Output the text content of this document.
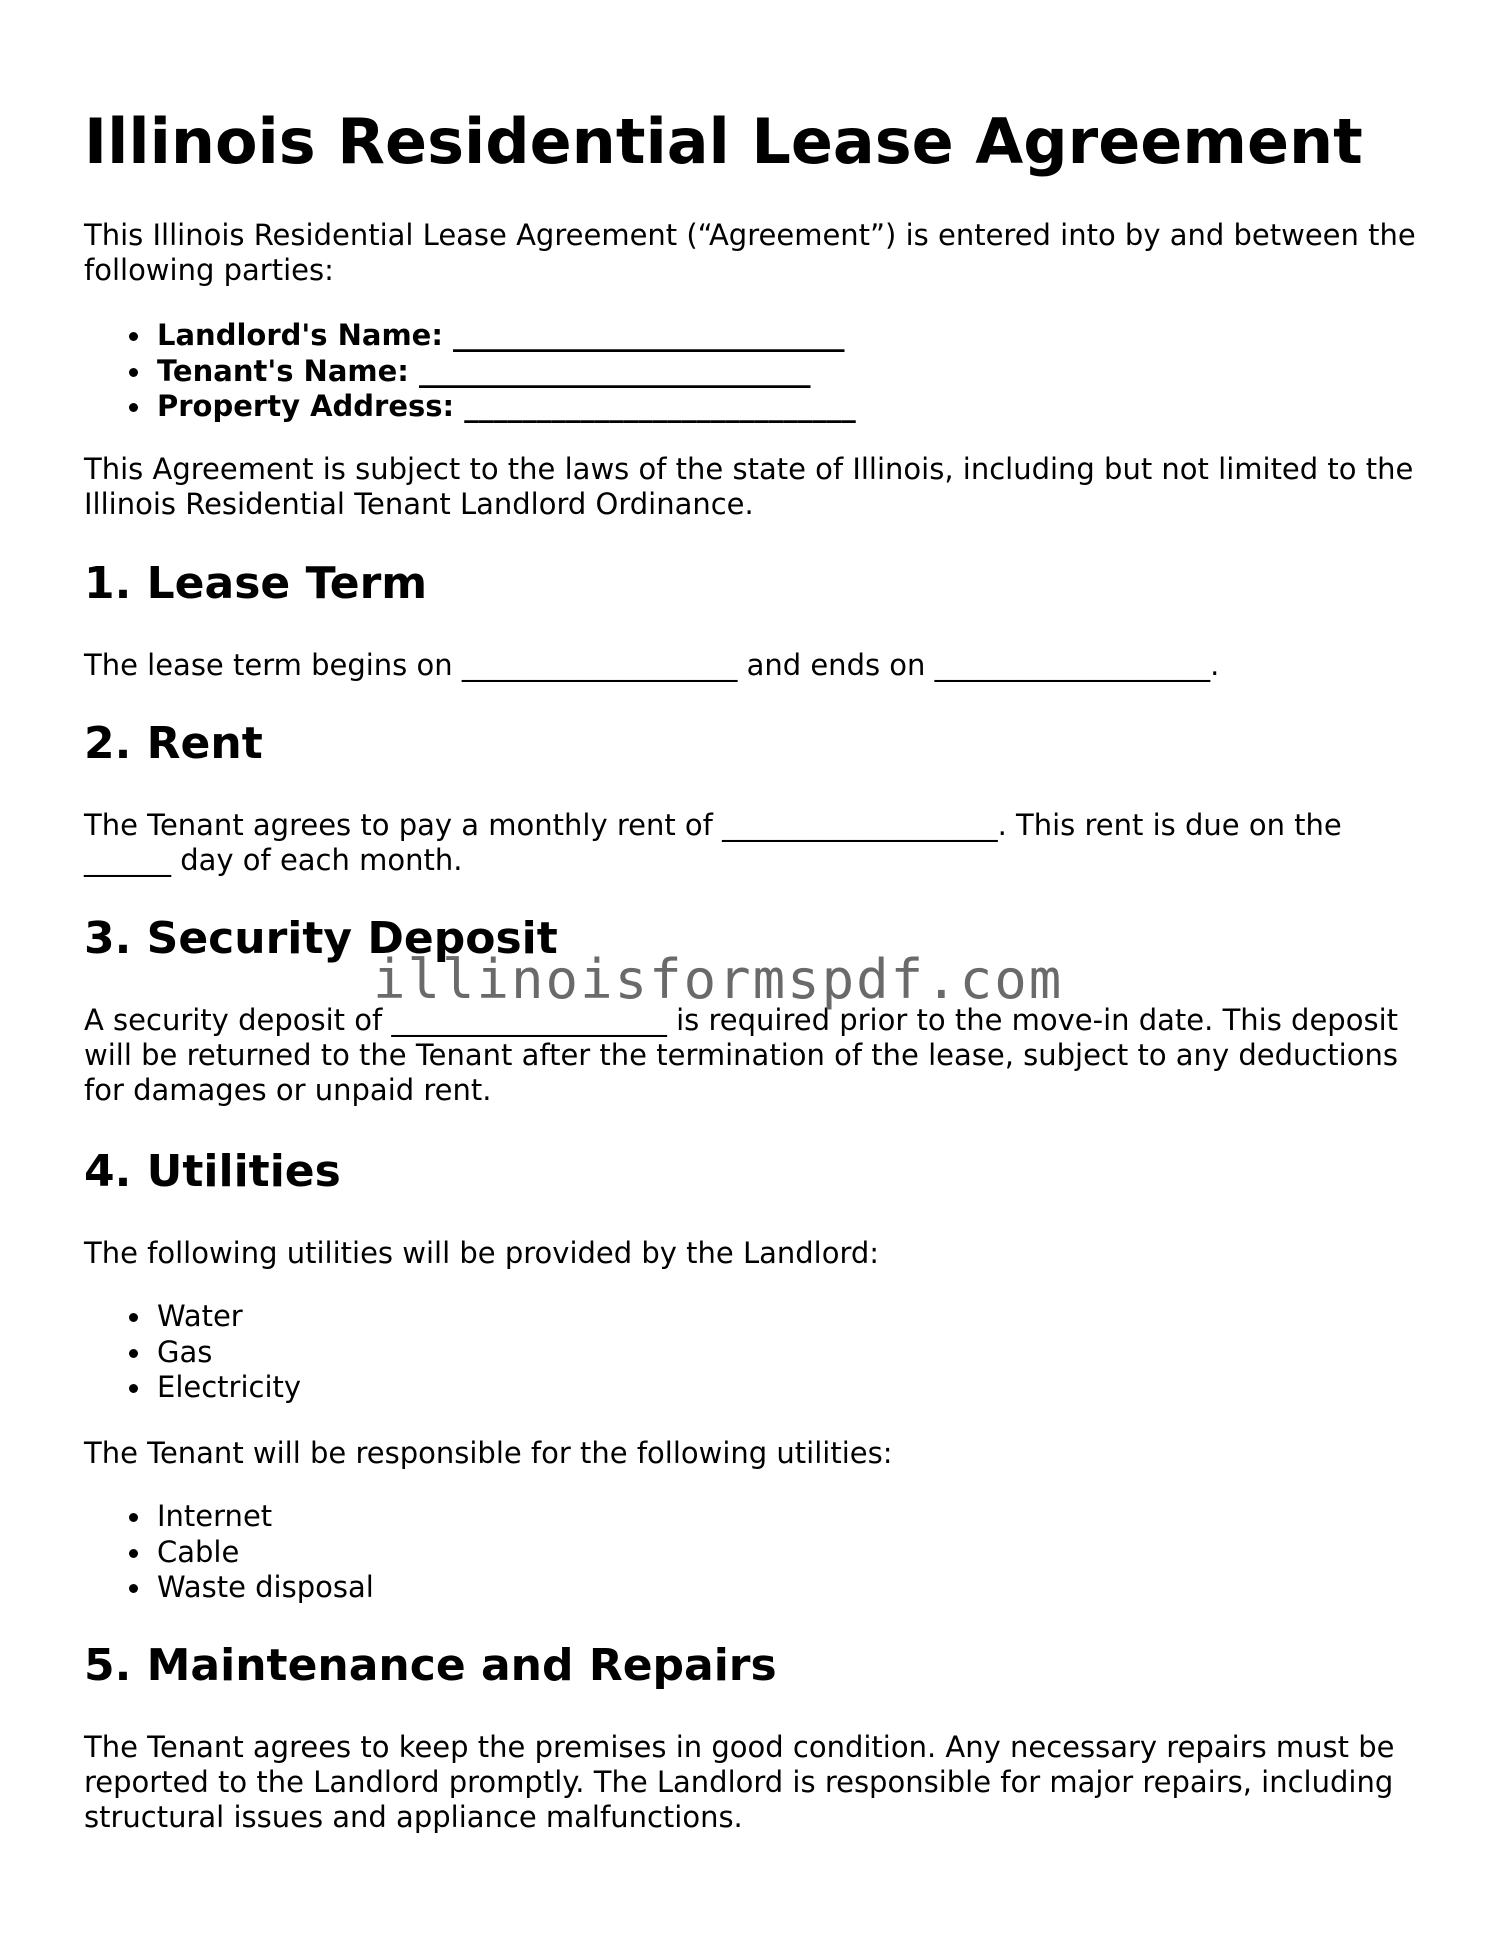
Illinois Residential Lease Agreement

This Illinois Residential Lease Agreement (“Agreement”) is entered into by and between the following parties:

Landlord's Name: ___________________________
Tenant's Name: ___________________________
Property Address: ___________________________

This Agreement is subject to the laws of the state of Illinois, including but not limited to the Illinois Residential Tenant Landlord Ordinance.

1. Lease Term

The lease term begins on ___________________ and ends on ___________________.

2. Rent

The Tenant agrees to pay a monthly rent of ___________________. This rent is due on the ______ day of each month.

3. Security Deposit

A security deposit of ___________________ is required prior to the move-in date. This deposit will be returned to the Tenant after the termination of the lease, subject to any deductions for damages or unpaid rent.

4. Utilities

The following utilities will be provided by the Landlord:

Water
Gas
Electricity

The Tenant will be responsible for the following utilities:

Internet
Cable
Waste disposal
5. Maintenance and Repairs

The Tenant agrees to keep the premises in good condition. Any necessary repairs must be reported to the Landlord promptly. The Landlord is responsible for major repairs, including structural issues and appliance malfunctions.

illinoisformspdf.com
